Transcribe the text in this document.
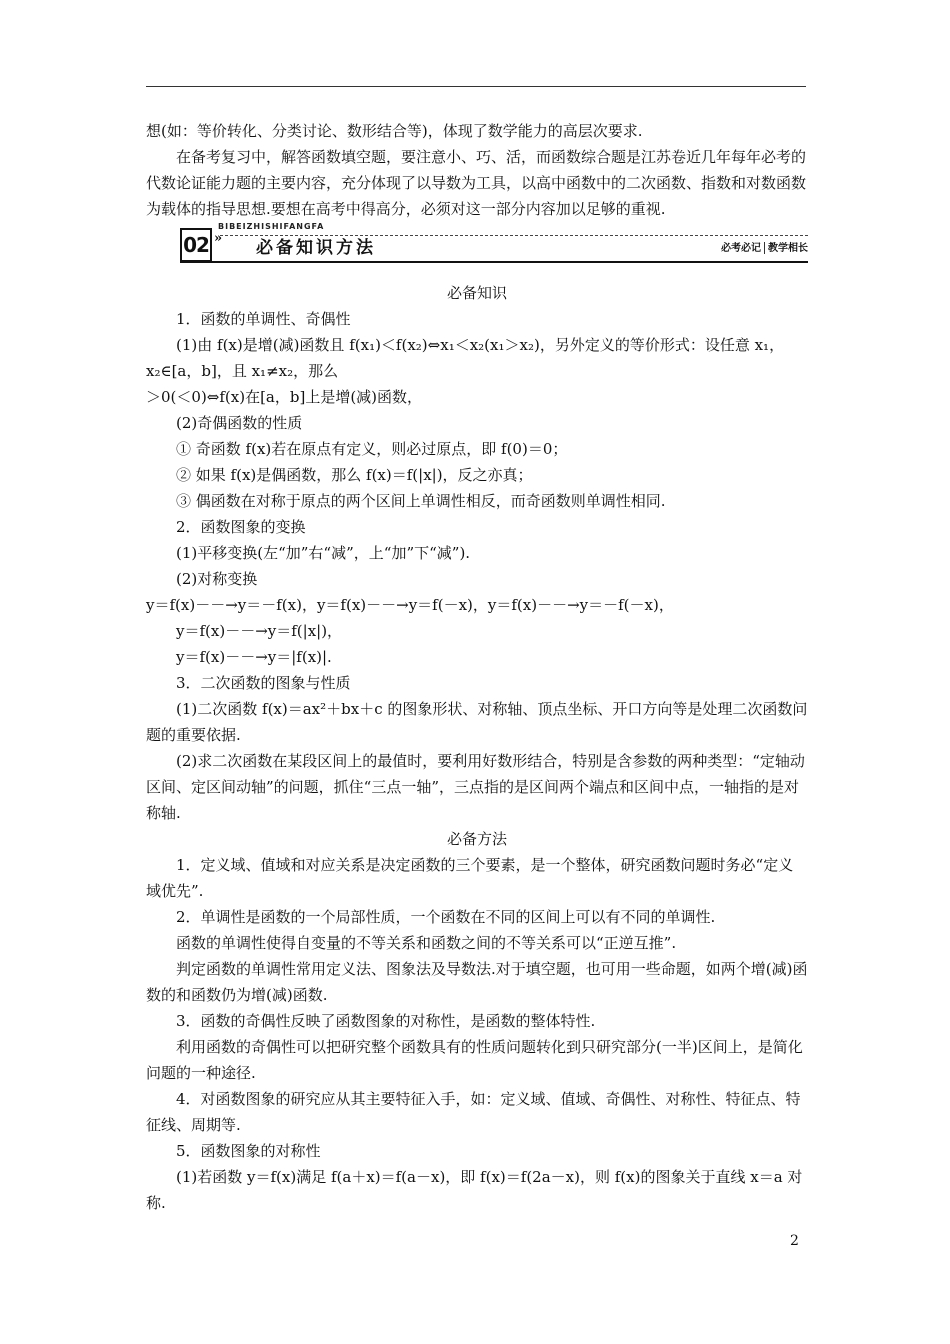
想(如：等价转化、分类讨论、数形结合等)，体现了数学能力的高层次要求.

在备考复习中，解答函数填空题，要注意小、巧、活，而函数综合题是江苏卷近几年每年必考的代数论证能力题的主要内容，充分体现了以导数为工具，以高中函数中的二次函数、指数和对数函数为载体的指导思想.要想在高考中得高分，必须对这一部分内容加以足够的重视.

BIBEIZHISHIFANGFA
02 » 必备知识方法	必考必记 教学相长

必备知识

1．函数的单调性、奇偶性

(1)由 f(x)是增(减)函数且 f(x₁)＜f(x₂)⇔x₁＜x₂(x₁＞x₂)，另外定义的等价形式：设任意 x₁，x₂∈[a，b]，且 x₁≠x₂，那么

＞0(＜0)⇔f(x)在[a，b]上是增(减)函数，

(2)奇偶函数的性质

① 奇函数 f(x)若在原点有定义，则必过原点，即 f(0)＝0；

② 如果 f(x)是偶函数，那么 f(x)＝f(|x|)，反之亦真；

③ 偶函数在对称于原点的两个区间上单调性相反，而奇函数则单调性相同.

2．函数图象的变换

(1)平移变换(左“加”右“减”，上“加”下“减”).

(2)对称变换

y＝f(x)－－→y＝－f(x)，y＝f(x)－－→y＝f(－x)，y＝f(x)－－→y＝－f(－x)，

y＝f(x)－－→y＝f(|x|)，

y＝f(x)－－→y＝|f(x)|.

3．二次函数的图象与性质

(1)二次函数 f(x)＝ax²＋bx＋c 的图象形状、对称轴、顶点坐标、开口方向等是处理二次函数问题的重要依据.

(2)求二次函数在某段区间上的最值时，要利用好数形结合，特别是含参数的两种类型：“定轴动区间、定区间动轴”的问题，抓住“三点一轴”，三点指的是区间两个端点和区间中点，一轴指的是对称轴.

必备方法

1．定义域、值域和对应关系是决定函数的三个要素，是一个整体，研究函数问题时务必“定义域优先”.

2．单调性是函数的一个局部性质，一个函数在不同的区间上可以有不同的单调性.

函数的单调性使得自变量的不等关系和函数之间的不等关系可以“正逆互推”.

判定函数的单调性常用定义法、图象法及导数法.对于填空题，也可用一些命题，如两个增(减)函数的和函数仍为增(减)函数.

3．函数的奇偶性反映了函数图象的对称性，是函数的整体特性.

利用函数的奇偶性可以把研究整个函数具有的性质问题转化到只研究部分(一半)区间上，是简化问题的一种途径.

4．对函数图象的研究应从其主要特征入手，如：定义域、值域、奇偶性、对称性、特征点、特征线、周期等.

5．函数图象的对称性

(1)若函数 y＝f(x)满足 f(a＋x)＝f(a－x)，即 f(x)＝f(2a－x)，则 f(x)的图象关于直线 x＝a 对称.

2
